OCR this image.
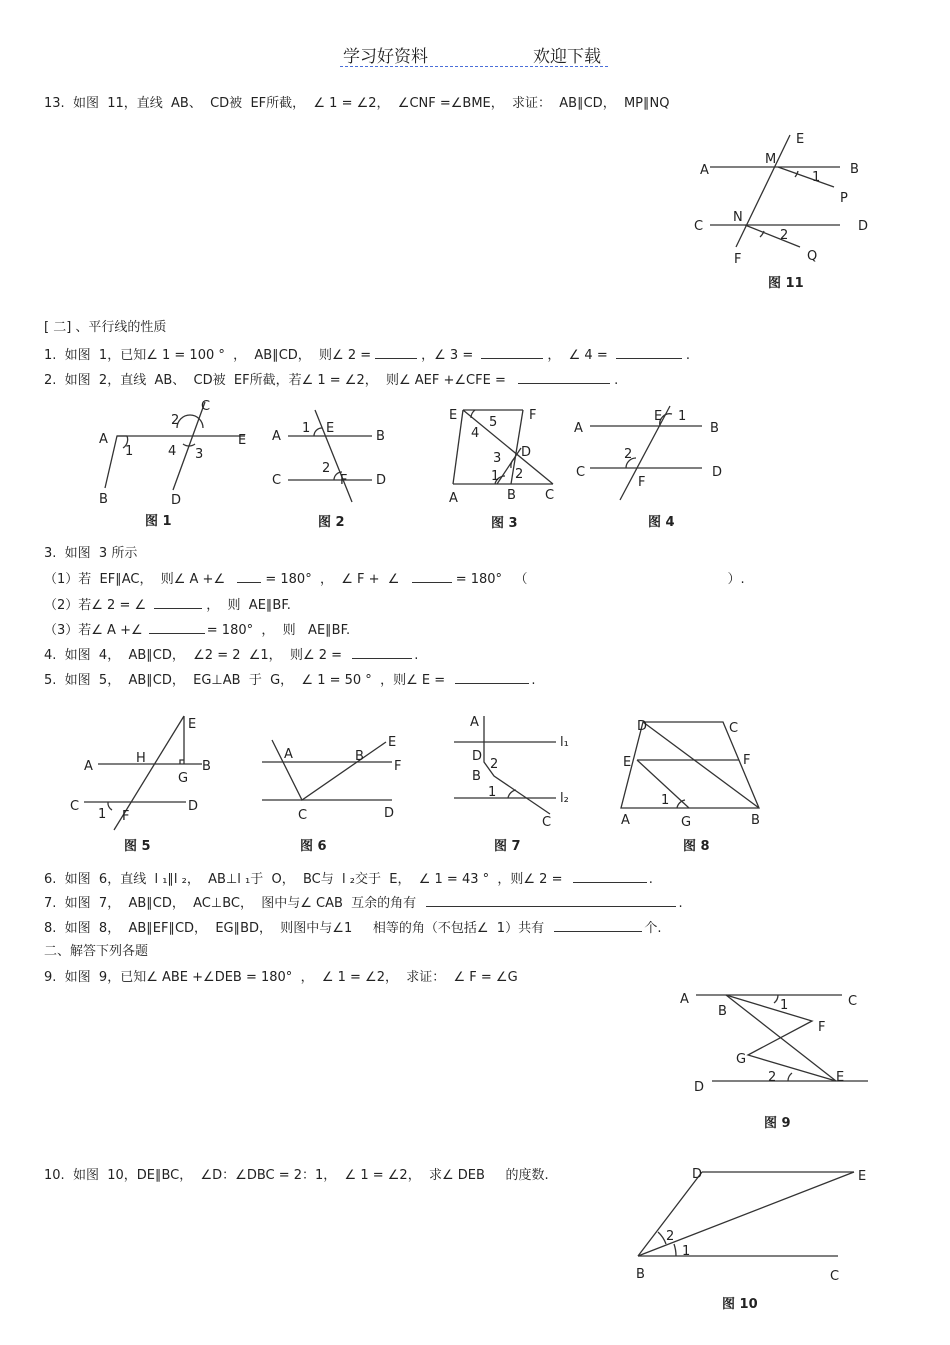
学习好资料	欢迎下载
13.  如图  11，直线  AB、  CD被  EF所截，  ∠ 1 = ∠2，  ∠CNF =∠BME，  求证：  AB∥CD，  MP∥NQ
A	B
C	D
E
F
M
N
P
Q
1
2
图 11
[ 二] 、平行线的性质
1.  如图  1，已知∠ 1 = 100 °  ，  AB∥CD，  则∠ 2 =	，∠ 3 =	，  ∠ 4 =	.
2.  如图  2，直线  AB、  CD被  EF所截，若∠ 1 = ∠2，  则∠ AEF +∠CFE =	.
A
B
C
D
E
1
2
3
4
图 1
A	B
C	D
E
F
1
2
图 2
E	F
A	B C
D
1 2
3
4
5
图 3
A	B
C	D
E
F
1
2
图 4
3.  如图  3 所示
（1）若  EF∥AC，  则∠ A +∠	= 180°  ，  ∠ F +  ∠	= 180°   （	）.
（2）若∠ 2 = ∠	，  则  AE∥BF.
（3）若∠ A +∠	= 180°  ，  则   AE∥BF.
4.  如图  4，  AB∥CD，  ∠2 = 2  ∠1，  则∠ 2 =	.
5.  如图  5，  AB∥CD，  EG⊥AB  于  G，  ∠ 1 = 50 °  ，则∠ E =	.
A	B
C	D
E
F
G
H
1
图 5
A	B
C	D
E
F
图 6
A
B
C
D
l₁
l₂
1
2
图 7
D	C
E	F
A	B
G
1
图 8
6.  如图  6，直线  l ₁∥l ₂，  AB⊥l ₁于  O，  BC与  l ₂交于  E，  ∠ 1 = 43 °  ，则∠ 2 =	.
7.  如图  7，  AB∥CD，  AC⊥BC，  图中与∠ CAB  互余的角有	.
8.  如图  8，  AB∥EF∥CD，  EG∥BD，  则图中与∠1     相等的角（不包括∠  1）共有	个.
二、解答下列各题
9.  如图  9，已知∠ ABE +∠DEB = 180°  ，  ∠ 1 = ∠2，  求证：  ∠ F = ∠G
A
B
C
D
E
F
G
1
2
图 9
10.  如图  10，DE∥BC，  ∠D：∠DBC = 2：1，  ∠ 1 = ∠2，  求∠ DEB     的度数.	D	E
B	C
1
2
图 10
